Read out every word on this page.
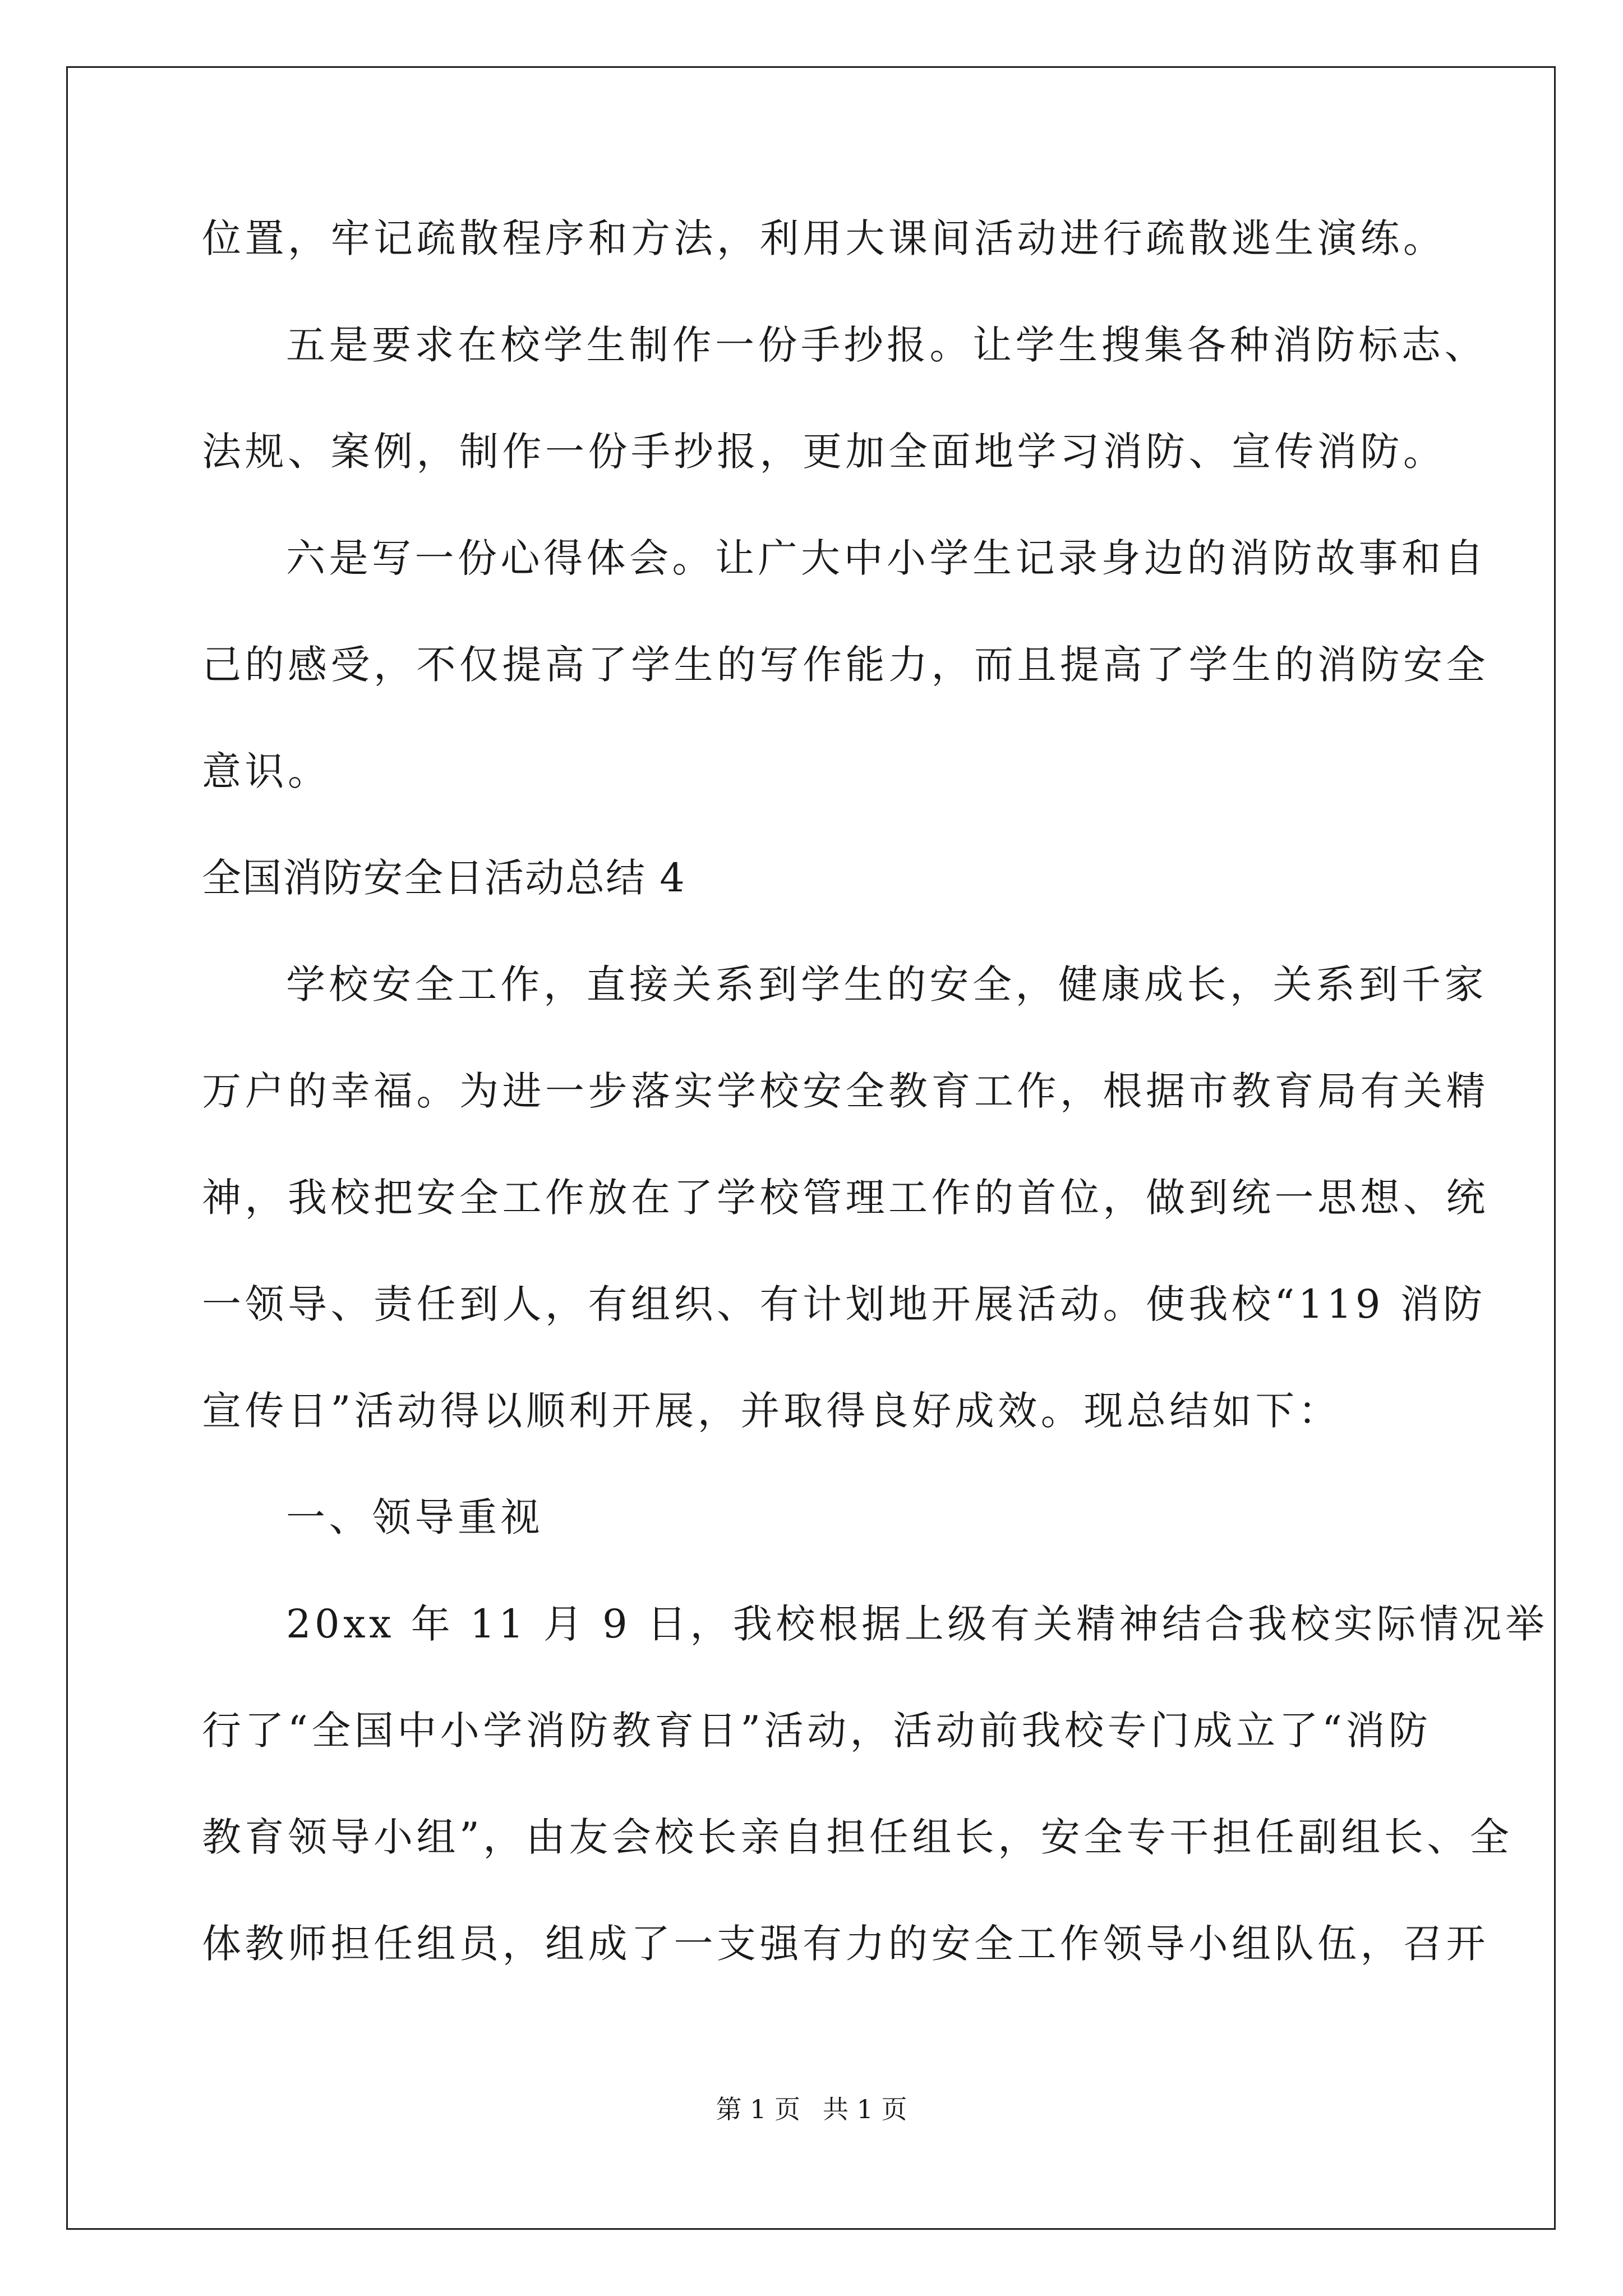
位置，牢记疏散程序和方法，利用大课间活动进行疏散逃生演练。
五是要求在校学生制作一份手抄报。让学生搜集各种消防标志、
法规、案例，制作一份手抄报，更加全面地学习消防、宣传消防。
六是写一份心得体会。让广大中小学生记录身边的消防故事和自
己的感受，不仅提高了学生的写作能力，而且提高了学生的消防安全
意识。
全国消防安全日活动总结 4
学校安全工作，直接关系到学生的安全，健康成长，关系到千家
万户的幸福。为进一步落实学校安全教育工作，根据市教育局有关精
神，我校把安全工作放在了学校管理工作的首位，做到统一思想、统
一领导、责任到人，有组织、有计划地开展活动。使我校“119 消防
宣传日”活动得以顺利开展，并取得良好成效。现总结如下：
一、领导重视
20xx 年 11 月 9 日，我校根据上级有关精神结合我校实际情况举
行了“全国中小学消防教育日”活动，活动前我校专门成立了“消防
教育领导小组”，由友会校长亲自担任组长，安全专干担任副组长、全
体教师担任组员，组成了一支强有力的安全工作领导小组队伍，召开
第 1 页 共 1 页
